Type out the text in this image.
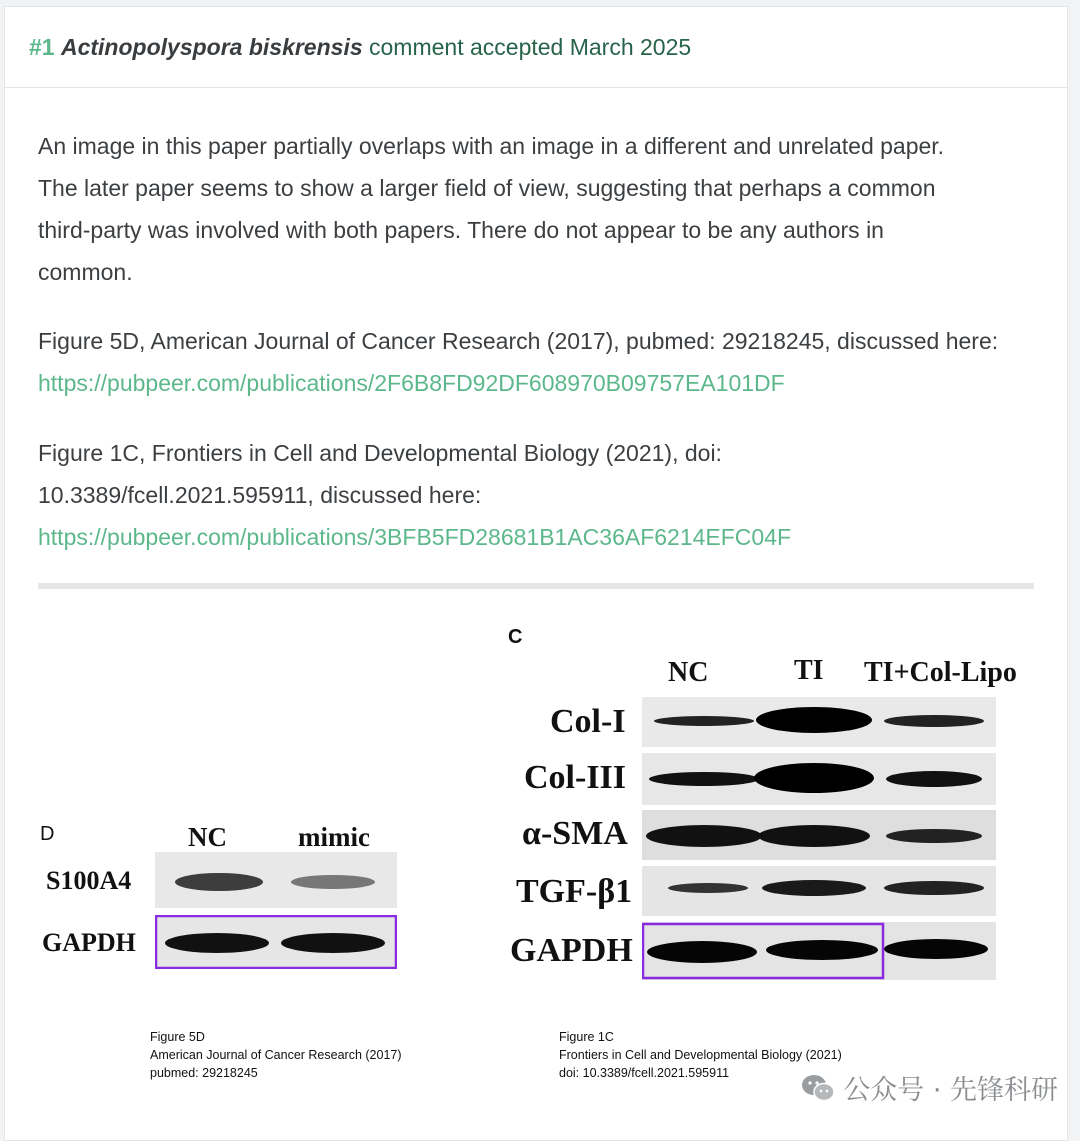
#1 Actinopolyspora biskrensis comment accepted March 2025
An image in this paper partially overlaps with an image in a different and unrelated paper.
The later paper seems to show a larger field of view, suggesting that perhaps a common
third-party was involved with both papers. There do not appear to be any authors in
common.
Figure 5D, American Journal of Cancer Research (2017), pubmed: 29218245, discussed here:
https://pubpeer.com/publications/2F6B8FD92DF608970B09757EA101DF
Figure 1C, Frontiers in Cell and Developmental Biology (2021), doi:
10.3389/fcell.2021.595911, discussed here:
https://pubpeer.com/publications/3BFB5FD28681B1AC36AF6214EFC04F
D	NC	mimic
S100A4
GAPDH
Figure 5D
American Journal of Cancer Research (2017)
pubmed: 29218245
C
NC	TI TI+Col-Lipo
Col-I
Col-III
α-SMA
TGF-β1
GAPDH
Figure 1C
Frontiers in Cell and Developmental Biology (2021)
doi: 10.3389/fcell.2021.595911
公众号 · 先锋科研
